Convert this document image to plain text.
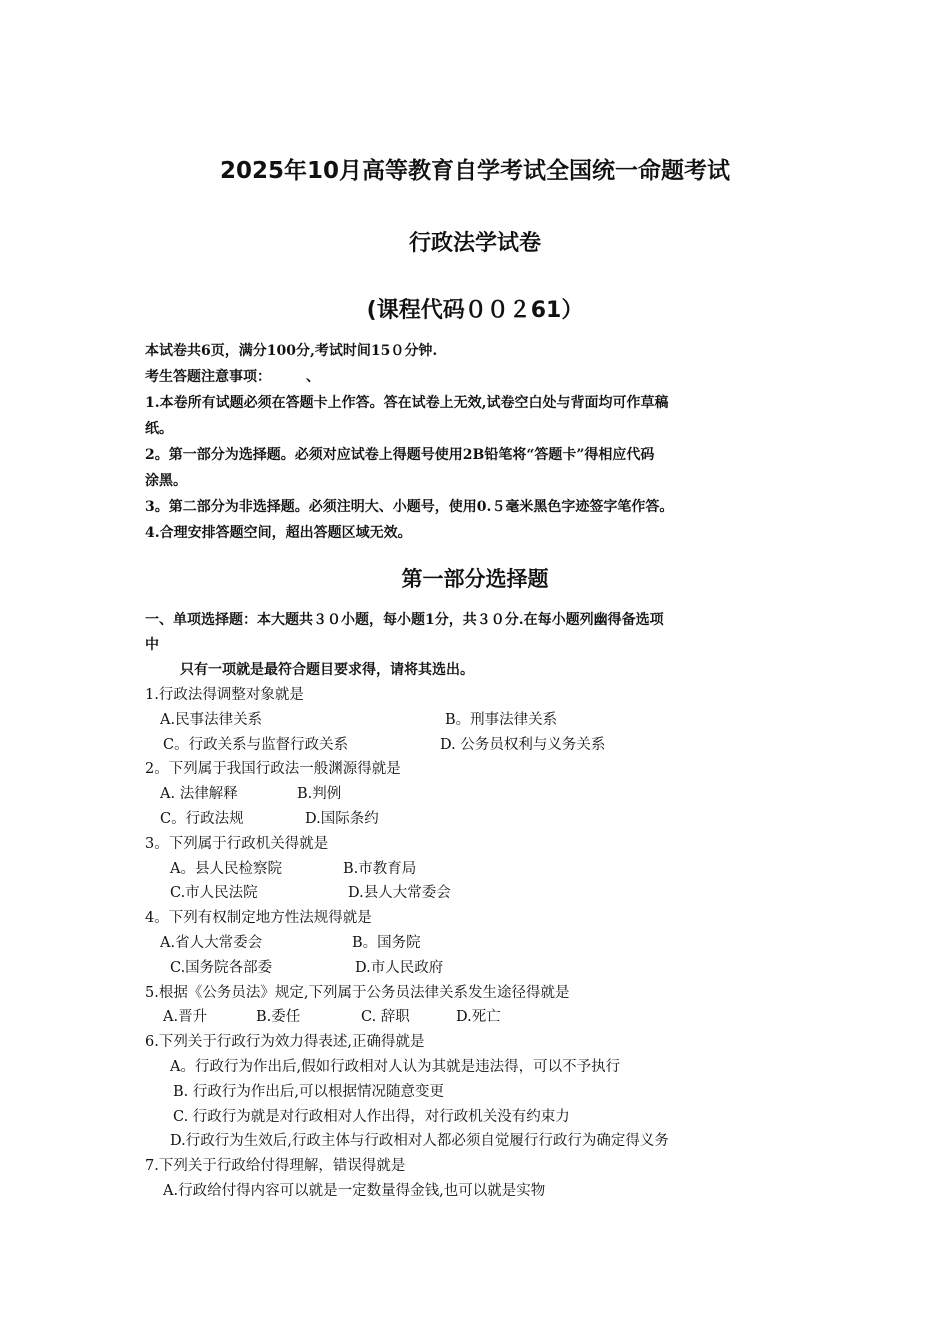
2025年10月高等教育自学考试全国统一命题考试
行政法学试卷
(课程代码００２61）
本试卷共6页，满分100分,考试时间15０分钟.
考生答题注意事项：　　　、
1.本卷所有试题必须在答题卡上作答。答在试卷上无效,试卷空白处与背面均可作草稿
纸。
2。第一部分为选择题。必须对应试卷上得题号使用2B铅笔将“答题卡”得相应代码
涂黑。
3。第二部分为非选择题。必须注明大、小题号，使用0.５毫米黑色字迹签字笔作答。
4.合理安排答题空间，超出答题区域无效。
第一部分选择题
一、单项选择题：本大题共３０小题，每小题1分，共３０分.在每小题列幽得备选项
中
只有一项就是最符合题目要求得，请将其选出。
1.行政法得调整对象就是
A.民事法律关系	B。刑事法律关系
C。行政关系与监督行政关系	D. 公务员权利与义务关系
2。下列属于我国行政法一般渊源得就是
A. 法律解释	B.判例
C。行政法规	D.国际条约
3。下列属于行政机关得就是
A。县人民检察院	B.市教育局
C.市人民法院	D.县人大常委会
4。下列有权制定地方性法规得就是
A.省人大常委会	B。国务院
C.国务院各部委	D.市人民政府
5.根据《公务员法》规定,下列属于公务员法律关系发生途径得就是
A.晋升	B.委任	C. 辞职	D.死亡
6.下列关于行政行为效力得表述,正确得就是
A。行政行为作出后,假如行政相对人认为其就是违法得，可以不予执行
B. 行政行为作出后,可以根据情况随意变更
C. 行政行为就是对行政相对人作出得，对行政机关没有约束力
D.行政行为生效后,行政主体与行政相对人都必须自觉履行行政行为确定得义务
7.下列关于行政给付得理解，错误得就是
A.行政给付得内容可以就是一定数量得金钱,也可以就是实物
